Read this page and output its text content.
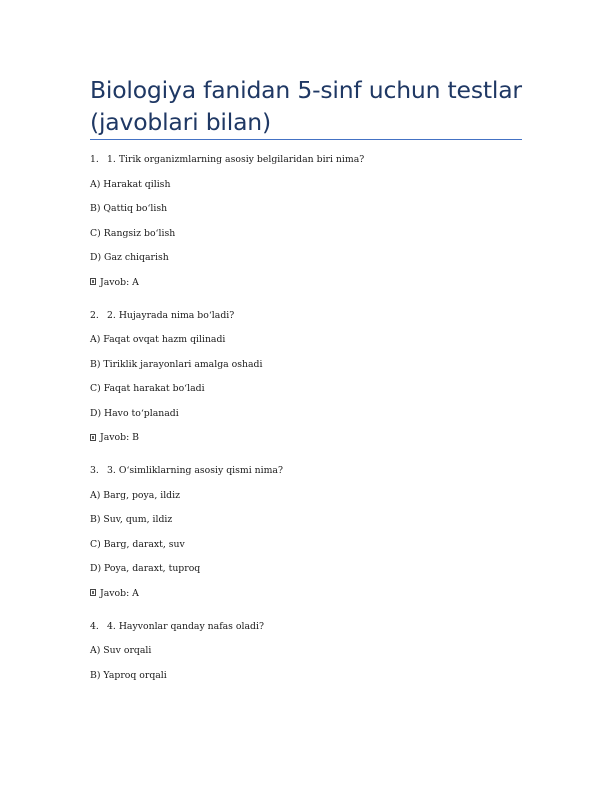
Biologiya fanidan 5-sinf uchun testlar (javoblari bilan)

1. 1. Tirik organizmlarning asosiy belgilaridan biri nima?

A) Harakat qilish

B) Qattiq bo‘lish

C) Rangsiz bo‘lish

D) Gaz chiqarish

Javob: A

2. 2. Hujayrada nima bo‘ladi?

A) Faqat ovqat hazm qilinadi

B) Tiriklik jarayonlari amalga oshadi

C) Faqat harakat bo‘ladi

D) Havo to‘planadi

Javob: B

3. 3. O‘simliklarning asosiy qismi nima?

A) Barg, poya, ildiz

B) Suv, qum, ildiz

C) Barg, daraxt, suv

D) Poya, daraxt, tuproq

Javob: A

4. 4. Hayvonlar qanday nafas oladi?

A) Suv orqali

B) Yaproq orqali
